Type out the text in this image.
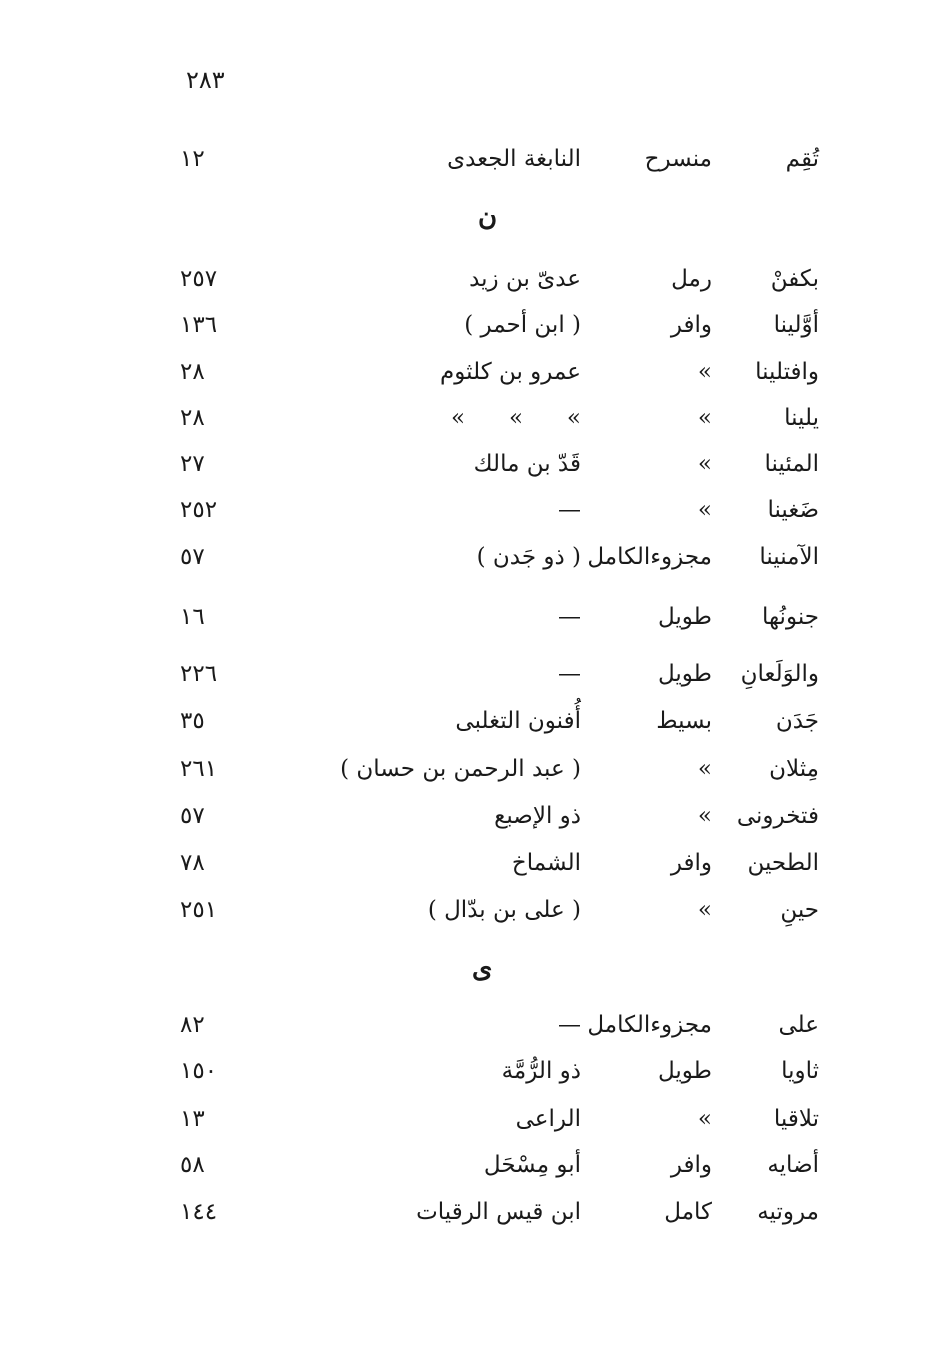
٢٨٣
تُقِم
منسرح
النابغة الجعدى
١٢
ن
بكفنْ
رمل
عدىّ بن زيد
٢٥٧
أوَّلينا
وافر
( ابن أحمر )
١٣٦
وافتلينا
»
عمرو بن كلثوم
٢٨
يلينا
»
»      »      »
٢٨
المئينا
»
قَدّ بن مالك
٢٧
ضَغينا
»
—
٢٥٢
الآمنينا
مجزوءالكامل
( ذو جَدن )
٥٧
جنونُها
طويل
—
١٦
والوَلَعانِ
طويل
—
٢٢٦
جَدَن
بسيط
أُفنون التغلبى
٣٥
مِثلان
»
( عبد الرحمن بن حسان )
٢٦١
فتخرونى
»
ذو الإصبع
٥٧
الطحين
وافر
الشماخ
٧٨
حينِ
»
( على بن بدّال )
٢٥١
ى
على
مجزوءالكامل
—
٨٢
ثاويا
طويل
ذو الرُّمَّة
١٥٠
تلاقيا
»
الراعى
١٣
أضايه
وافر
أبو مِسْحَل
٥٨
مروتيه
كامل
ابن قيس الرقيات
١٤٤
